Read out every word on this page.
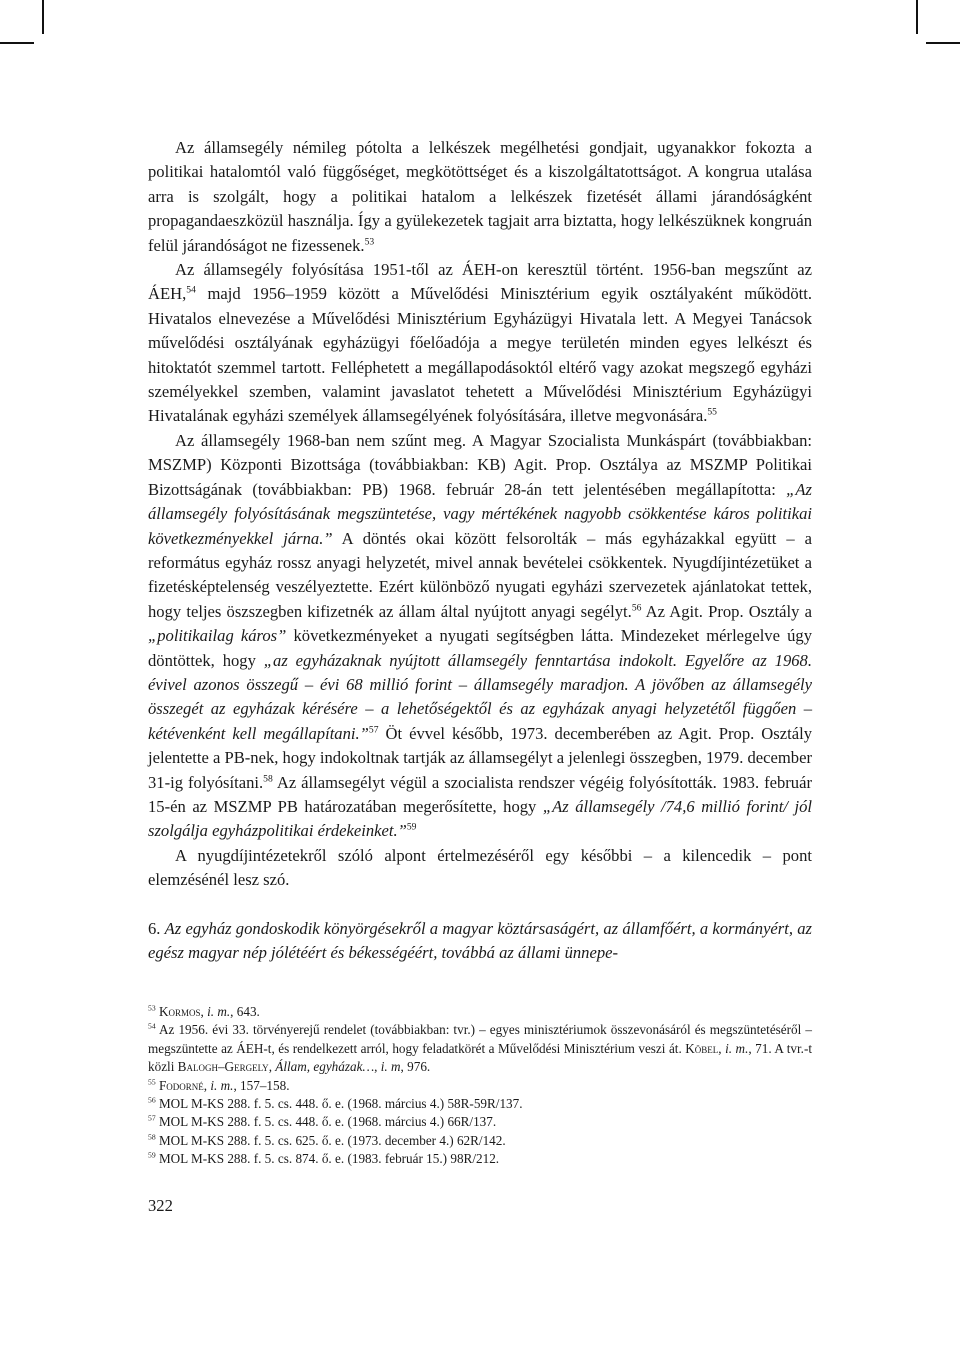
Az államsegély némileg pótolta a lelkészek megélhetési gondjait, ugyanakkor fokozta a politikai hatalomtól való függőséget, megkötöttséget és a kiszolgáltatottságot. A kongrua utalása arra is szolgált, hogy a politikai hatalom a lelkészek fizetését állami járandóságként propagandaeszközül használja. Így a gyülekezetek tagjait arra biztatta, hogy lelkészüknek kongruán felül járandóságot ne fizessenek.$^{53}$

Az államsegély folyósítása 1951-től az ÁEH-on keresztül történt. 1956-ban megszűnt az ÁEH,$^{54}$ majd 1956–1959 között a Művelődési Minisztérium egyik osztályaként működött. Hivatalos elnevezése a Művelődési Minisztérium Egyházügyi Hivatala lett. A Megyei Tanácsok művelődési osztályának egyházügyi főelőadója a megye területén minden egyes lelkészt és hitoktatót szemmel tartott. Felléphetett a megállapodásoktól eltérő vagy azokat megszegő egyházi személyekkel szemben, valamint javaslatot tehetett a Művelődési Minisztérium Egyházügyi Hivatalának egyházi személyek államsegélyének folyósítására, illetve megvonására.$^{55}$

Az államsegély 1968-ban nem szűnt meg. A Magyar Szocialista Munkáspárt (továbbiakban: MSZMP) Központi Bizottsága (továbbiakban: KB) Agit. Prop. Osztálya az MSZMP Politikai Bizottságának (továbbiakban: PB) 1968. február 28-án tett jelentésében megállapította: „Az államsegély folyósításának megszüntetése, vagy mértékének nagyobb csökkentése káros politikai következményekkel járna.” A döntés okai között felsorolták – más egyházakkal együtt – a református egyház rossz anyagi helyzetét, mivel annak bevételei csökkentek. Nyugdíjintézetüket a fizetésképtelenség veszélyeztette. Ezért különböző nyugati egyházi szervezetek ajánlatokat tettek, hogy teljes öszszegben kifizetnék az állam által nyújtott anyagi segélyt.$^{56}$ Az Agit. Prop. Osztály a „politikailag káros” következményeket a nyugati segítségben látta. Mindezeket mérlegelve úgy döntöttek, hogy „az egyházaknak nyújtott államsegély fenntartása indokolt. Egyelőre az 1968. évivel azonos összegű – évi 68 millió forint – államsegély maradjon. A jövőben az államsegély összegét az egyházak kérésére – a lehetőségektől és az egyházak anyagi helyzetétől függően – kétévenként kell megállapítani.”$^{57}$ Öt évvel később, 1973. decemberében az Agit. Prop. Osztály jelentette a PB-nek, hogy indokoltnak tartják az államsegélyt a jelenlegi összegben, 1979. december 31-ig folyósítani.$^{58}$ Az államsegélyt végül a szocialista rendszer végéig folyósították. 1983. február 15-én az MSZMP PB határozatában megerősítette, hogy „Az államsegély /74,6 millió forint/ jól szolgálja egyházpolitikai érdekeinket.”$^{59}$

A nyugdíjintézetekről szóló alpont értelmezéséről egy későbbi – a kilencedik – pont elemzésénél lesz szó.

6. Az egyház gondoskodik könyörgésekről a magyar köztársaságért, az államfőért, a kormányért, az egész magyar nép jólétéért és békességéért, továbbá az állami ünnepe-

$^{53}$ Kormos, i. m., 643.
$^{54}$ Az 1956. évi 33. törvényerejű rendelet (továbbiakban: tvr.) – egyes minisztériumok összevonásáról és megszüntetéséről – megszüntette az ÁEH-t, és rendelkezett arról, hogy feladatkörét a Művelődési Minisztérium veszi át. Köbel, i. m., 71. A tvr.-t közli Balogh–Gergely, Állam, egyházak…, i. m, 976.
$^{55}$ Fodorné, i. m., 157–158.
$^{56}$ MOL M-KS 288. f. 5. cs. 448. ő. e. (1968. március 4.) 58R-59R/137.
$^{57}$ MOL M-KS 288. f. 5. cs. 448. ő. e. (1968. március 4.) 66R/137.
$^{58}$ MOL M-KS 288. f. 5. cs. 625. ő. e. (1973. december 4.) 62R/142.
$^{59}$ MOL M-KS 288. f. 5. cs. 874. ő. e. (1983. február 15.) 98R/212.
322
